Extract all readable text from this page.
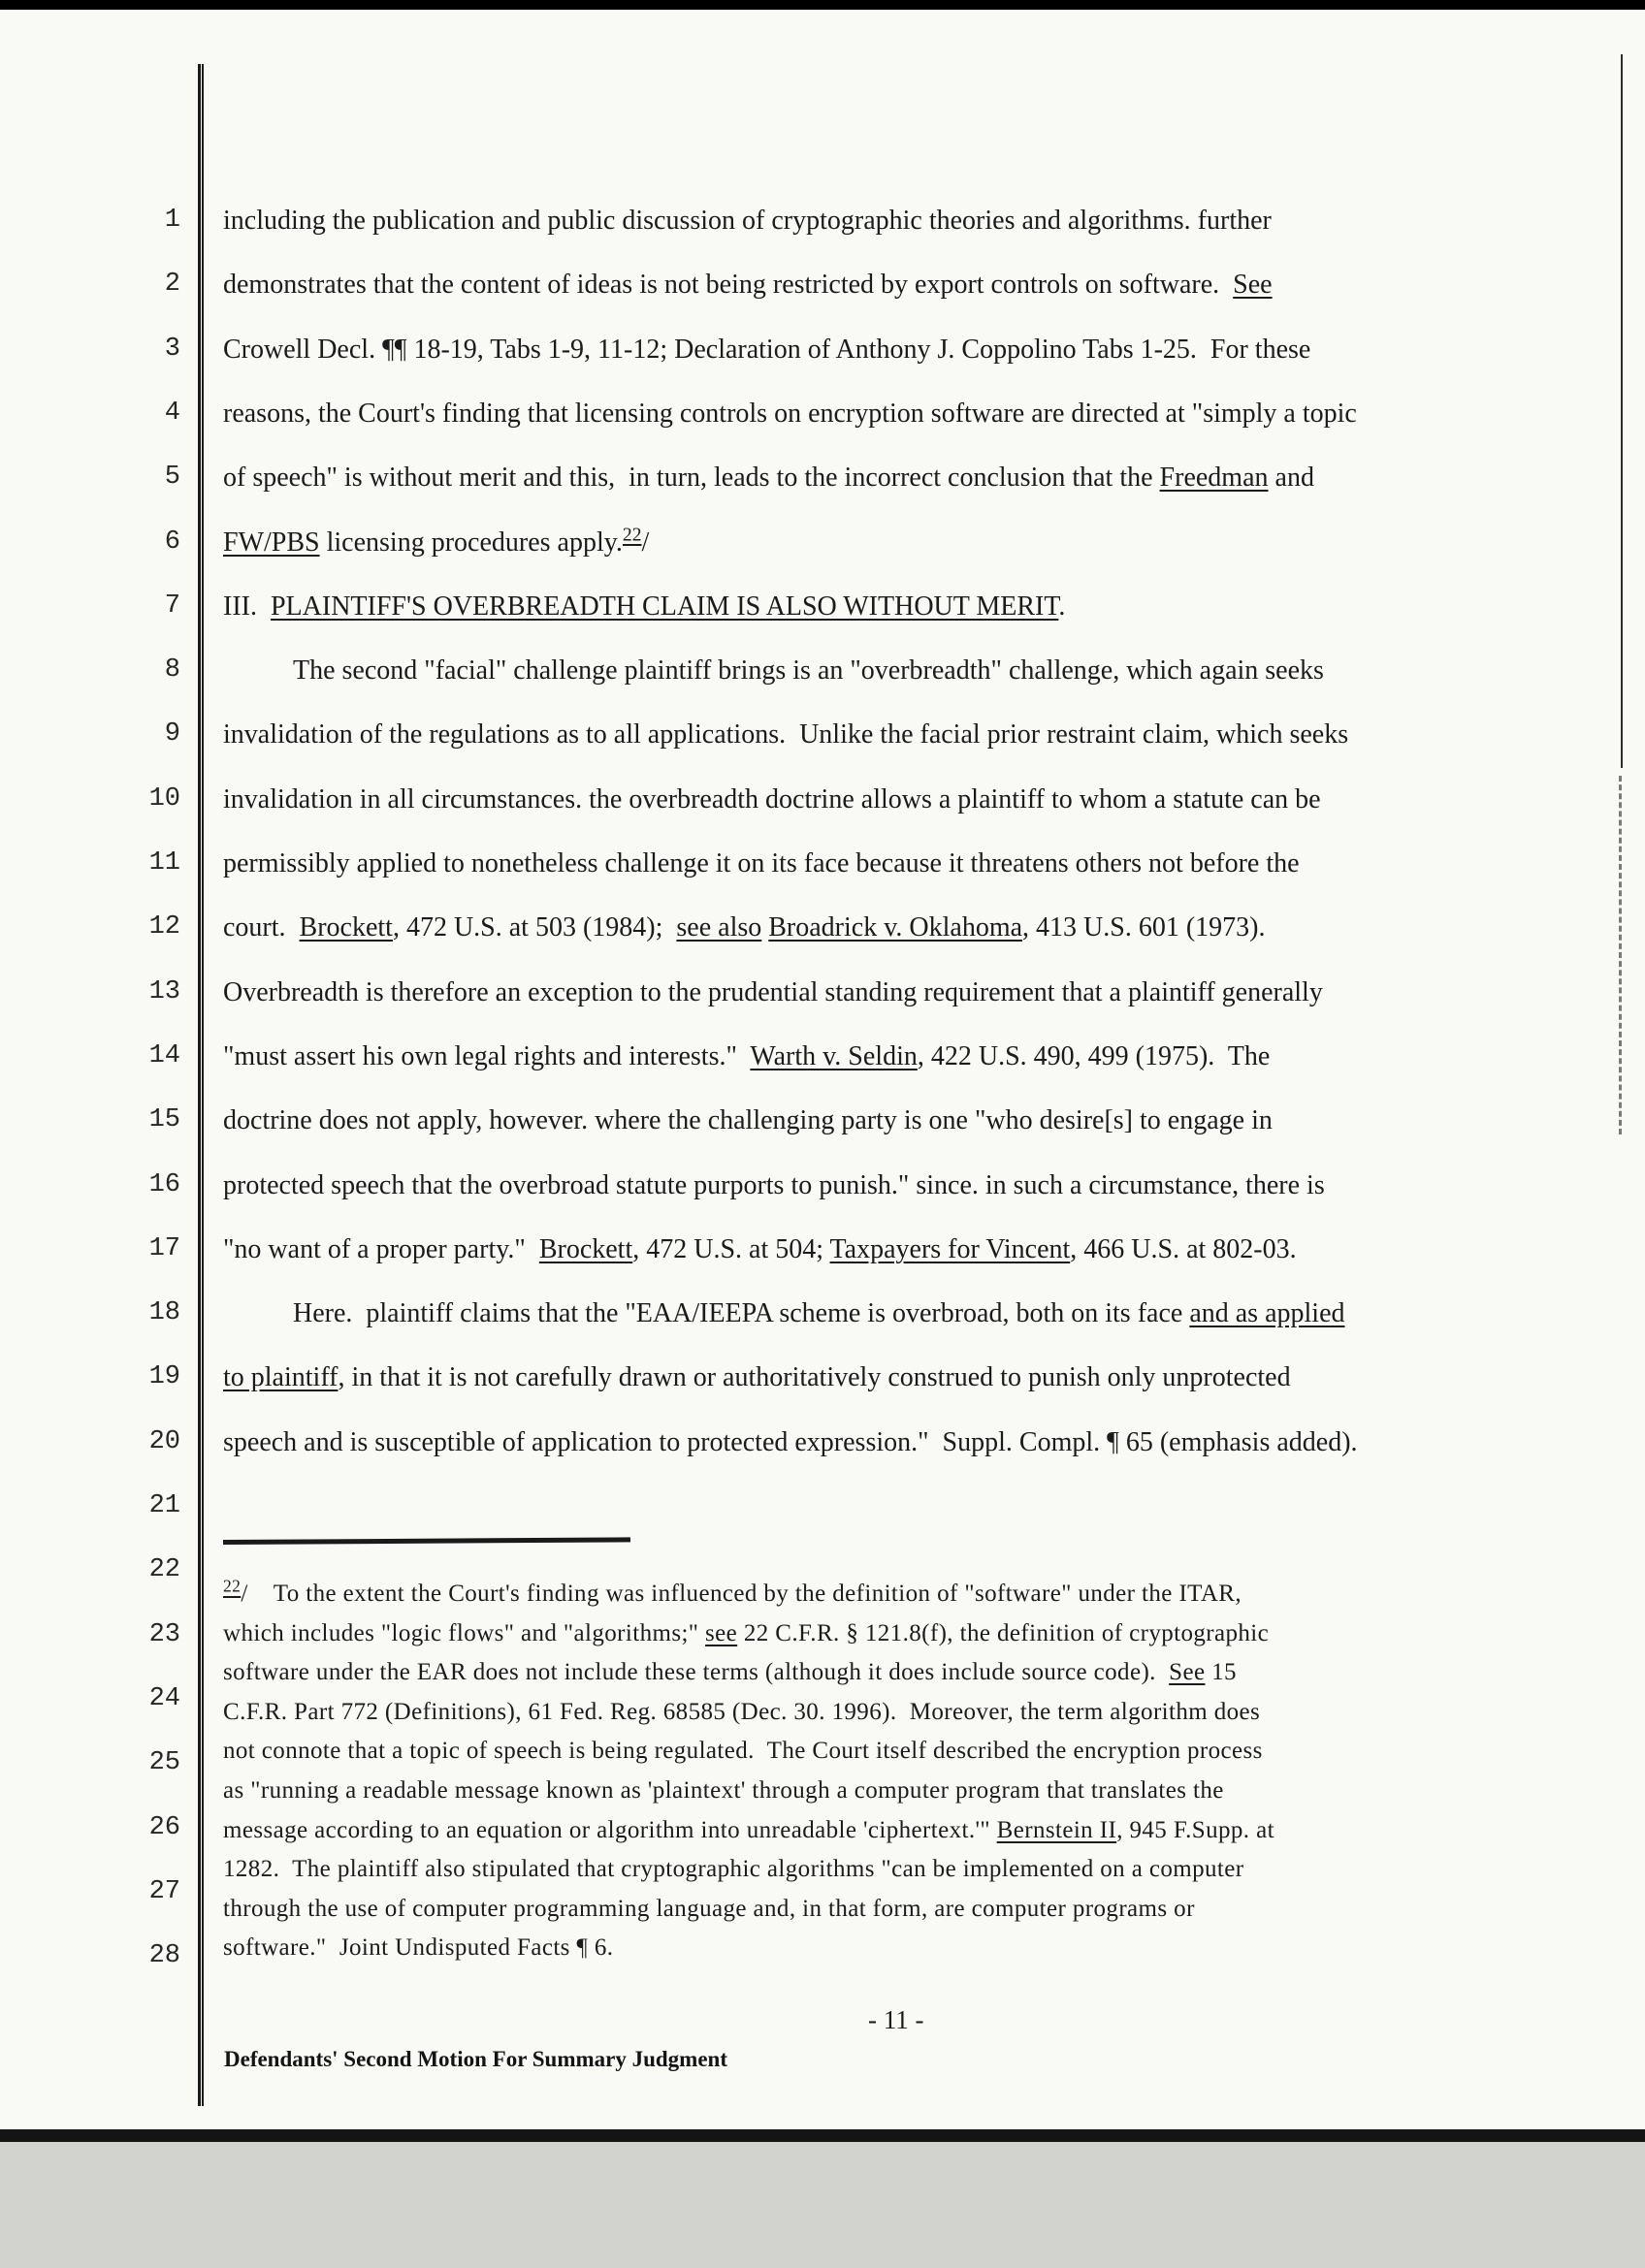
1
2
3
4
5
6
7
8
9
10
11
12
13
14
15
16
17
18
19
20
21
22
23
24
25
26
27
28
including the publication and public discussion of cryptographic theories and algorithms. further
demonstrates that the content of ideas is not being restricted by export controls on software.  See
Crowell Decl. ¶¶ 18-19, Tabs 1-9, 11-12; Declaration of Anthony J. Coppolino Tabs 1-25.  For these
reasons, the Court's finding that licensing controls on encryption software are directed at "simply a topic
of speech" is without merit and this,  in turn, leads to the incorrect conclusion that the Freedman and
FW/PBS licensing procedures apply.$^{22}$/
III.  PLAINTIFF'S OVERBREADTH CLAIM IS ALSO WITHOUT MERIT.
The second "facial" challenge plaintiff brings is an "overbreadth" challenge, which again seeks
invalidation of the regulations as to all applications.  Unlike the facial prior restraint claim, which seeks
invalidation in all circumstances. the overbreadth doctrine allows a plaintiff to whom a statute can be
permissibly applied to nonetheless challenge it on its face because it threatens others not before the
court.  Brockett, 472 U.S. at 503 (1984);  see also Broadrick v. Oklahoma, 413 U.S. 601 (1973).
Overbreadth is therefore an exception to the prudential standing requirement that a plaintiff generally
"must assert his own legal rights and interests."  Warth v. Seldin, 422 U.S. 490, 499 (1975).  The
doctrine does not apply, however. where the challenging party is one "who desire[s] to engage in
protected speech that the overbroad statute purports to punish." since. in such a circumstance, there is
"no want of a proper party."  Brockett, 472 U.S. at 504; Taxpayers for Vincent, 466 U.S. at 802-03.
Here.  plaintiff claims that the "EAA/IEEPA scheme is overbroad, both on its face and as applied
to plaintiff, in that it is not carefully drawn or authoritatively construed to punish only unprotected
speech and is susceptible of application to protected expression."  Suppl. Compl. ¶ 65 (emphasis added).
$^{22}$/    To the extent the Court's finding was influenced by the definition of "software" under the ITAR,
which includes "logic flows" and "algorithms;" see 22 C.F.R. § 121.8(f), the definition of cryptographic
software under the EAR does not include these terms (although it does include source code).  See 15
C.F.R. Part 772 (Definitions), 61 Fed. Reg. 68585 (Dec. 30. 1996).  Moreover, the term algorithm does
not connote that a topic of speech is being regulated.  The Court itself described the encryption process
as "running a readable message known as 'plaintext' through a computer program that translates the
message according to an equation or algorithm into unreadable 'ciphertext.'" Bernstein II, 945 F.Supp. at
1282.  The plaintiff also stipulated that cryptographic algorithms "can be implemented on a computer
through the use of computer programming language and, in that form, are computer programs or
software."  Joint Undisputed Facts ¶ 6.

Defendants' Second Motion For Summary Judgment

- 11 -
